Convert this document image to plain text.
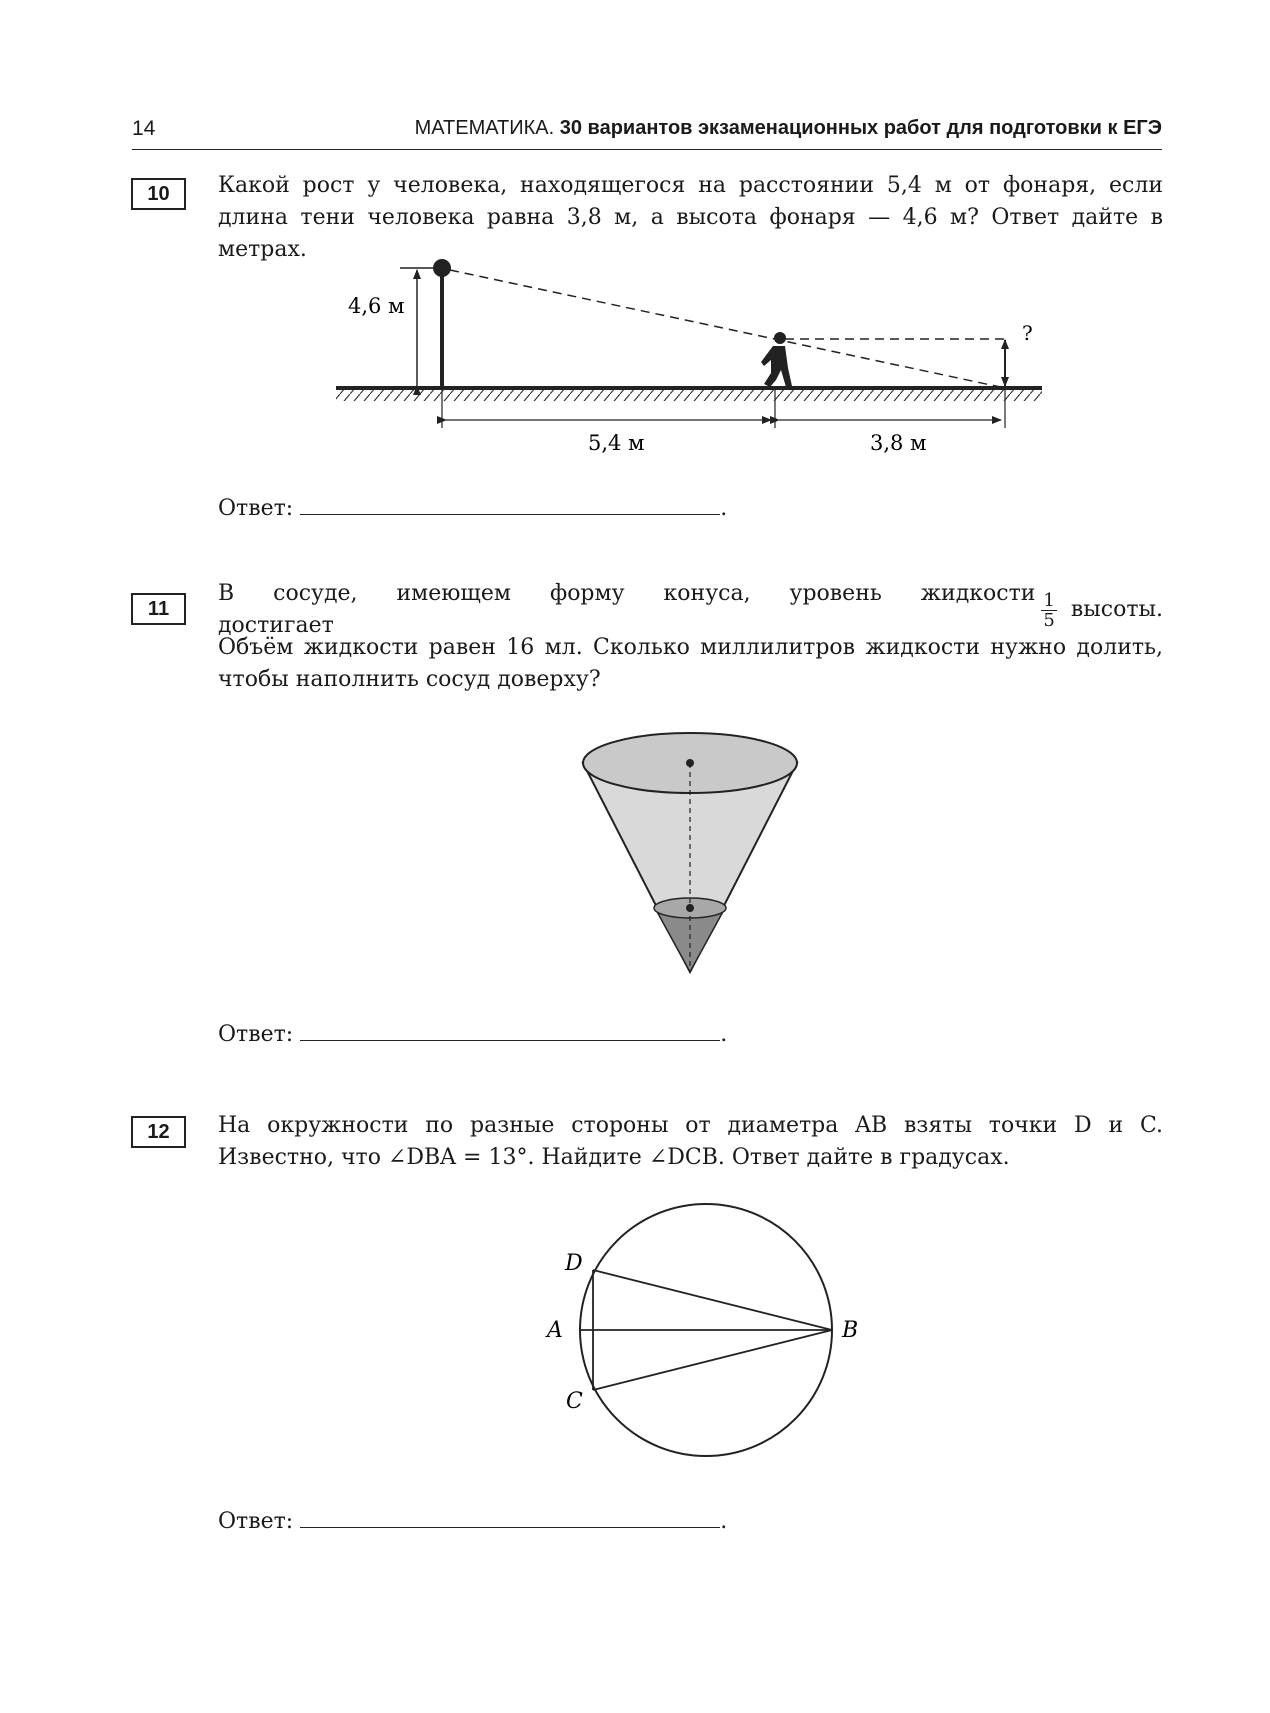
14	МАТЕМАТИКА. 30 вариантов экзаменационных работ для подготовки к ЕГЭ
10	Какой рост у человека, находящегося на расстоянии 5,4 м от фонаря, если длина тени человека равна 3,8 м, а высота фонаря — 4,6 м? Ответ дайте в метрах.
4,6 м
?
5,4 м	3,8 м
Ответ:	.
11
В сосуде, имеющем форму конуса, уровень жидкости достигает	$\frac{1}{5}$ высоты.
Объём жидкости равен 16 мл. Сколько миллилитров жидкости нужно долить, чтобы наполнить сосуд доверху?
Ответ:	.
12	На окружности по разные стороны от диаметра AB взяты точки D и C. Известно, что ∠DBA = 13°. Найдите ∠DCB. Ответ дайте в градусах.
D
A
C
B
Ответ:	.
